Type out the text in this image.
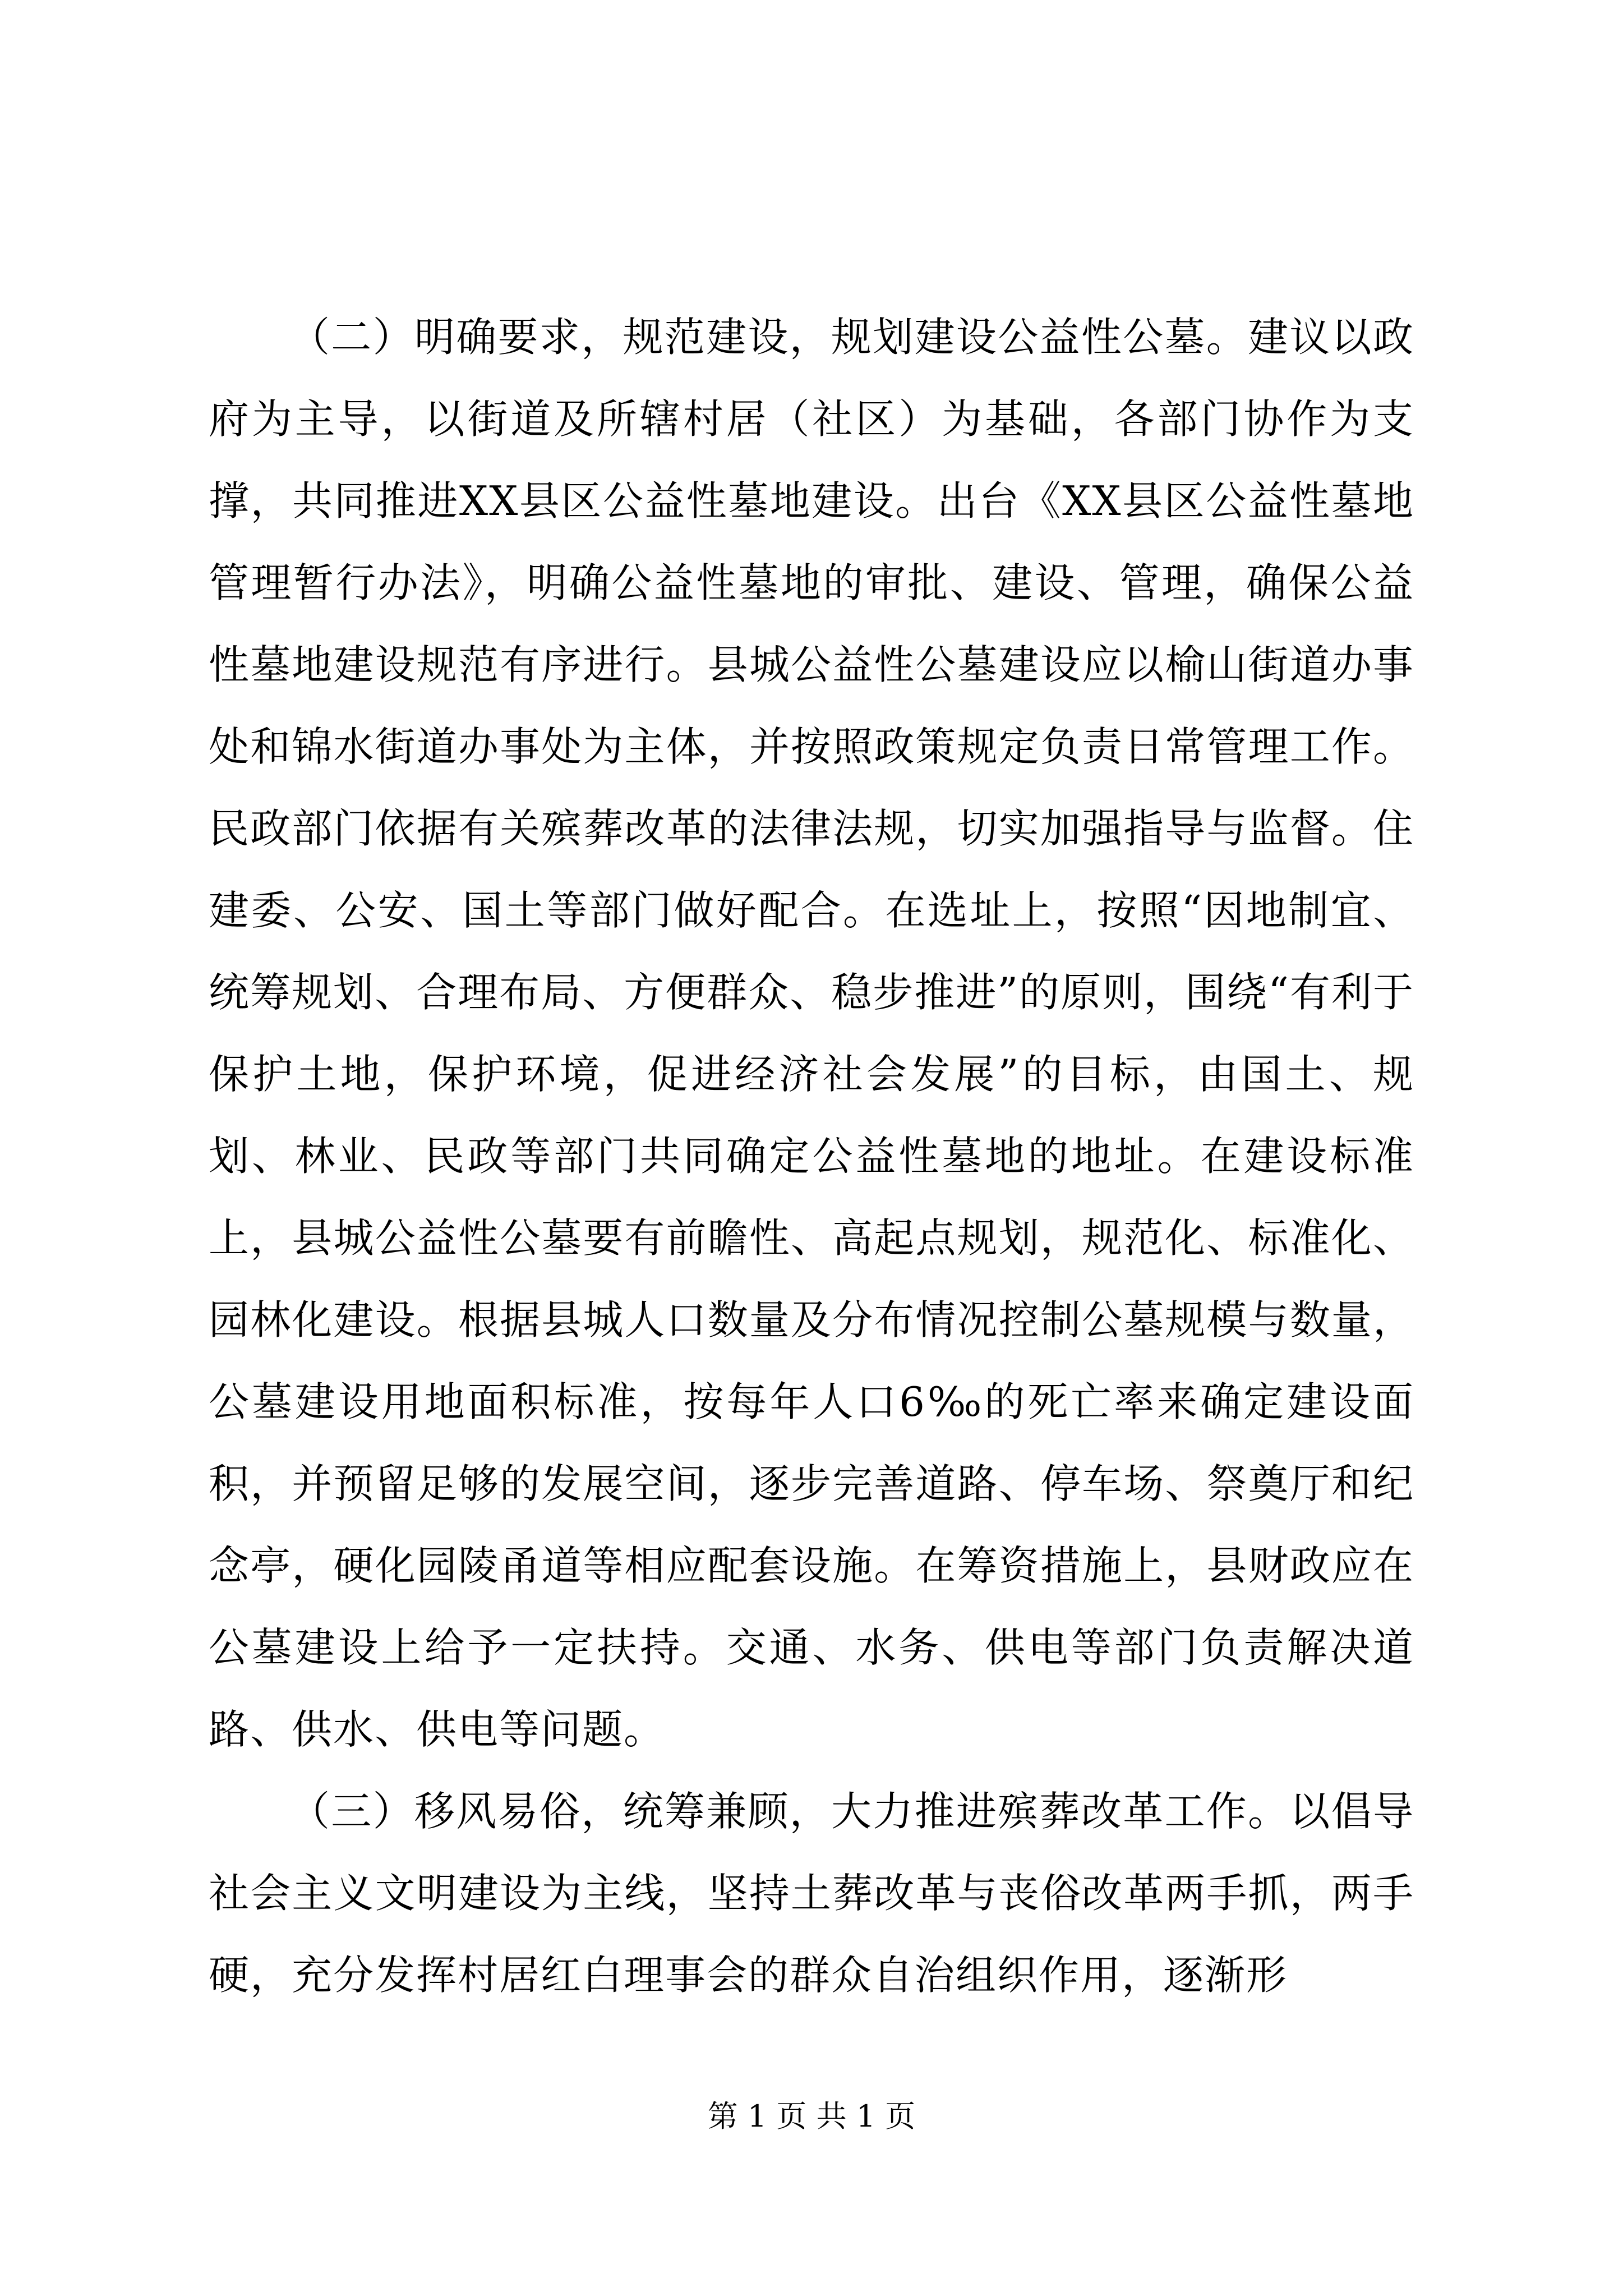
（二）明确要求，规范建设，规划建设公益性公墓。建议以政府为主导，以街道及所辖村居（社区）为基础，各部门协作为支撑，共同推进XX县区公益性墓地建设。出台《XX县区公益性墓地管理暂行办法》，明确公益性墓地的审批、建设、管理，确保公益性墓地建设规范有序进行。县城公益性公墓建设应以榆山街道办事处和锦水街道办事处为主体，并按照政策规定负责日常管理工作。民政部门依据有关殡葬改革的法律法规，切实加强指导与监督。住建委、公安、国土等部门做好配合。在选址上，按照“因地制宜、统筹规划、合理布局、方便群众、稳步推进”的原则，围绕“有利于保护土地，保护环境，促进经济社会发展”的目标，由国土、规划、林业、民政等部门共同确定公益性墓地的地址。在建设标准上，县城公益性公墓要有前瞻性、高起点规划，规范化、标准化、园林化建设。根据县城人口数量及分布情况控制公墓规模与数量，公墓建设用地面积标准，按每年人口6‰的死亡率来确定建设面积，并预留足够的发展空间，逐步完善道路、停车场、祭奠厅和纪念亭，硬化园陵甬道等相应配套设施。在筹资措施上，县财政应在公墓建设上给予一定扶持。交通、水务、供电等部门负责解决道路、供水、供电等问题。

（三）移风易俗，统筹兼顾，大力推进殡葬改革工作。以倡导社会主义文明建设为主线，坚持土葬改革与丧俗改革两手抓，两手硬，充分发挥村居红白理事会的群众自治组织作用，逐渐形

第 1 页 共 1 页
